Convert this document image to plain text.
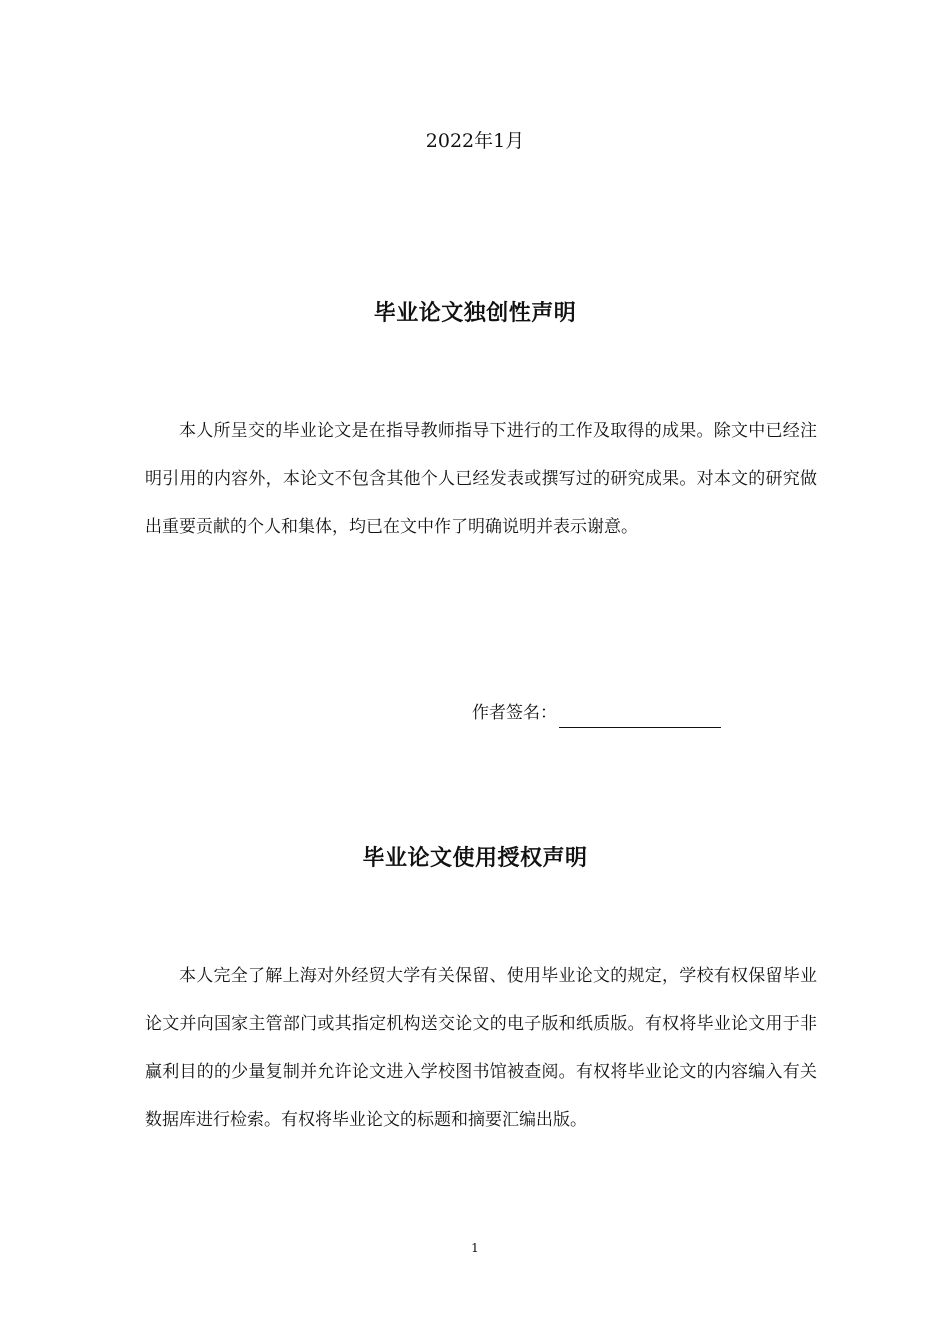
2022年1月
毕业论文独创性声明
本人所呈交的毕业论文是在指导教师指导下进行的工作及取得的成果。除文中已经注明引用的内容外，本论文不包含其他个人已经发表或撰写过的研究成果。对本文的研究做出重要贡献的个人和集体，均已在文中作了明确说明并表示谢意。
作者签名：
毕业论文使用授权声明
本人完全了解上海对外经贸大学有关保留、使用毕业论文的规定，学校有权保留毕业论文并向国家主管部门或其指定机构送交论文的电子版和纸质版。有权将毕业论文用于非赢利目的的少量复制并允许论文进入学校图书馆被查阅。有权将毕业论文的内容编入有关数据库进行检索。有权将毕业论文的标题和摘要汇编出版。
1
